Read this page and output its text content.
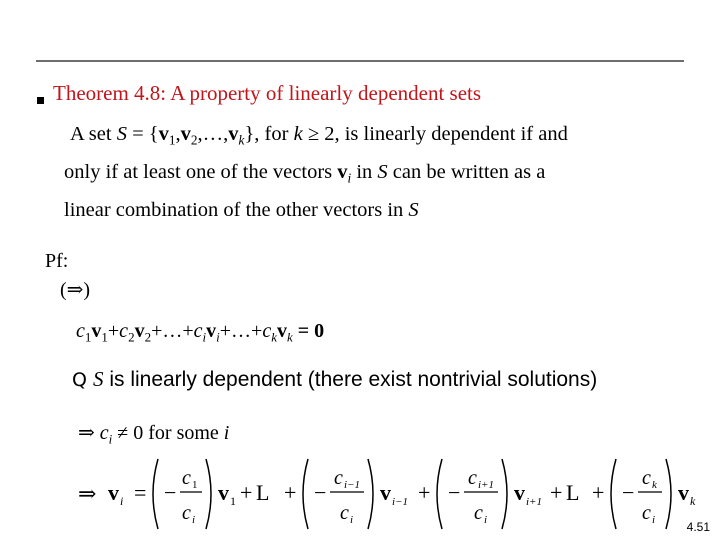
Theorem 4.8: A property of linearly dependent sets
A set $S = \{v_1,v_2,\dots,v_k\}$, for k ≥ 2, is linearly dependent if and
only if at least one of the vectors $v_i$ in S can be written as a
linear combination of the other vectors in S
Pf:
(⇒)
$c_1v_1+c_2v_2+\dots+c_iv_i+\dots+c_kv_k = 0$
Q S is linearly dependent (there exist nontrivial solutions)
⇒ $c_i \ne 0$ for some i
⇒ v i = −
c 1
c i
v 1 + L + −
c i−1
c i
v i−1 + −
c i+1
c i
v i+1 + L + −
c k
c i
v k
4.51
